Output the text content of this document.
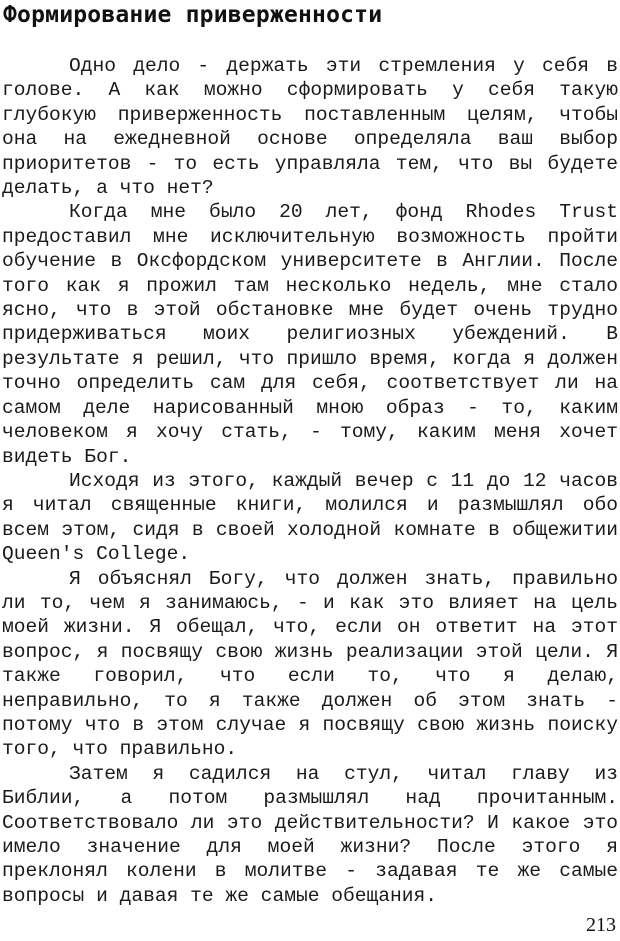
Формирование приверженности

Одно дело - держать эти стремления у себя в голове. А как можно сформировать у себя такую глубокую приверженность поставленным целям, чтобы она на ежедневной основе определяла ваш выбор приоритетов - то есть управляла тем, что вы будете делать, а что нет?

Когда мне было 20 лет, фонд Rhodes Trust предоставил мне исключительную возможность пройти обучение в Оксфордском университете в Англии. После того как я прожил там несколько недель, мне стало ясно, что в этой обстановке мне будет очень трудно придерживаться моих религиозных убеждений. В результате я решил, что пришло время, когда я должен точно определить сам для себя, соответствует ли на самом деле нарисованный мною образ - то, каким человеком я хочу стать, - тому, каким меня хочет видеть Бог.

Исходя из этого, каждый вечер с 11 до 12 часов я читал священные книги, молился и размышлял обо всем этом, сидя в своей холодной комнате в общежитии Queen's College.

Я объяснял Богу, что должен знать, правильно ли то, чем я занимаюсь, - и как это влияет на цель моей жизни. Я обещал, что, если он ответит на этот вопрос, я посвящу свою жизнь реализации этой цели. Я также говорил, что если то, что я делаю, неправильно, то я также должен об этом знать - потому что в этом случае я посвящу свою жизнь поиску того, что правильно.

Затем я садился на стул, читал главу из Библии, а потом размышлял над прочитанным. Соответствовало ли это действительности? И какое это имело значение для моей жизни? После этого я преклонял колени в молитве - задавая те же самые вопросы и давая те же самые обещания.

213
